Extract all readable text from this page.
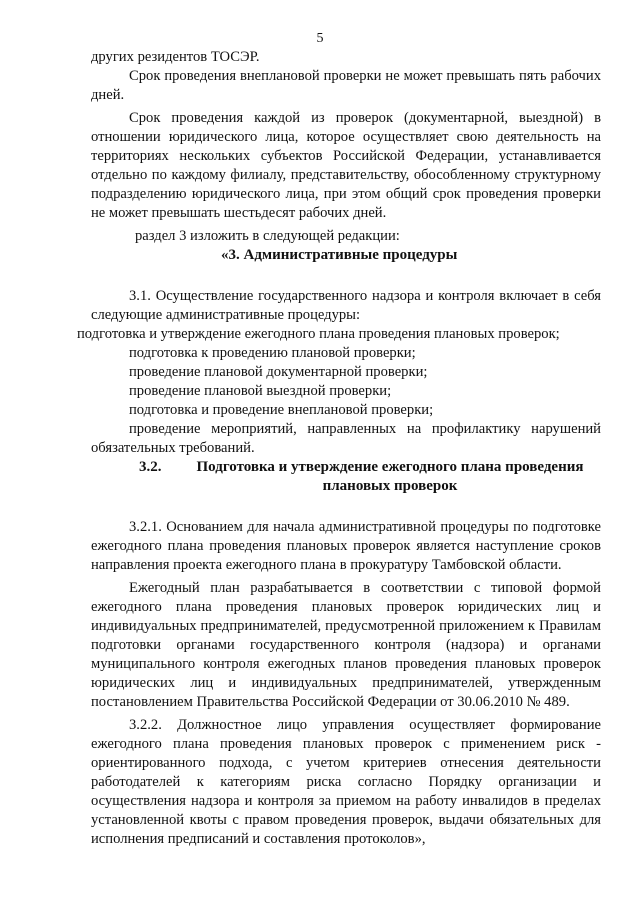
5

других резидентов ТОСЭР.

Срок проведения внеплановой проверки не может превышать пять рабочих дней.

Срок проведения каждой из проверок (документарной, выездной) в отношении юридического лица, которое осуществляет свою деятельность на территориях нескольких субъектов Российской Федерации, устанавливается отдельно по каждому филиалу, представительству, обособленному структурному подразделению юридического лица, при этом общий срок проведения проверки не может превышать шестьдесят рабочих дней.

раздел 3 изложить в следующей редакции:

«3. Административные процедуры

3.1. Осуществление государственного надзора и контроля включает в себя следующие административные процедуры:

подготовка и утверждение ежегодного плана проведения плановых проверок;

подготовка к проведению плановой проверки;

проведение плановой документарной проверки;

проведение плановой выездной проверки;

подготовка и проведение внеплановой проверки;

проведение мероприятий, направленных на профилактику нарушений обязательных требований.

3.2.	Подготовка и утверждение ежегодного плана проведения плановых проверок

3.2.1. Основанием для начала административной процедуры по подготовке ежегодного плана проведения плановых проверок является наступление сроков направления проекта ежегодного плана в прокуратуру Тамбовской области.

Ежегодный план разрабатывается в соответствии с типовой формой ежегодного плана проведения плановых проверок юридических лиц и индивидуальных предпринимателей, предусмотренной приложением к Правилам подготовки органами государственного контроля (надзора) и органами муниципального контроля ежегодных планов проведения плановых проверок юридических лиц и индивидуальных предпринимателей, утвержденным постановлением Правительства Российской Федерации от 30.06.2010 № 489.

3.2.2. Должностное лицо управления осуществляет формирование ежегодного плана проведения плановых проверок с применением риск - ориентированного подхода, с учетом критериев отнесения деятельности работодателей к категориям риска согласно Порядку организации и осуществления надзора и контроля за приемом на работу инвалидов в пределах установленной квоты с правом проведения проверок, выдачи обязательных для исполнения предписаний и составления протоколов»,
